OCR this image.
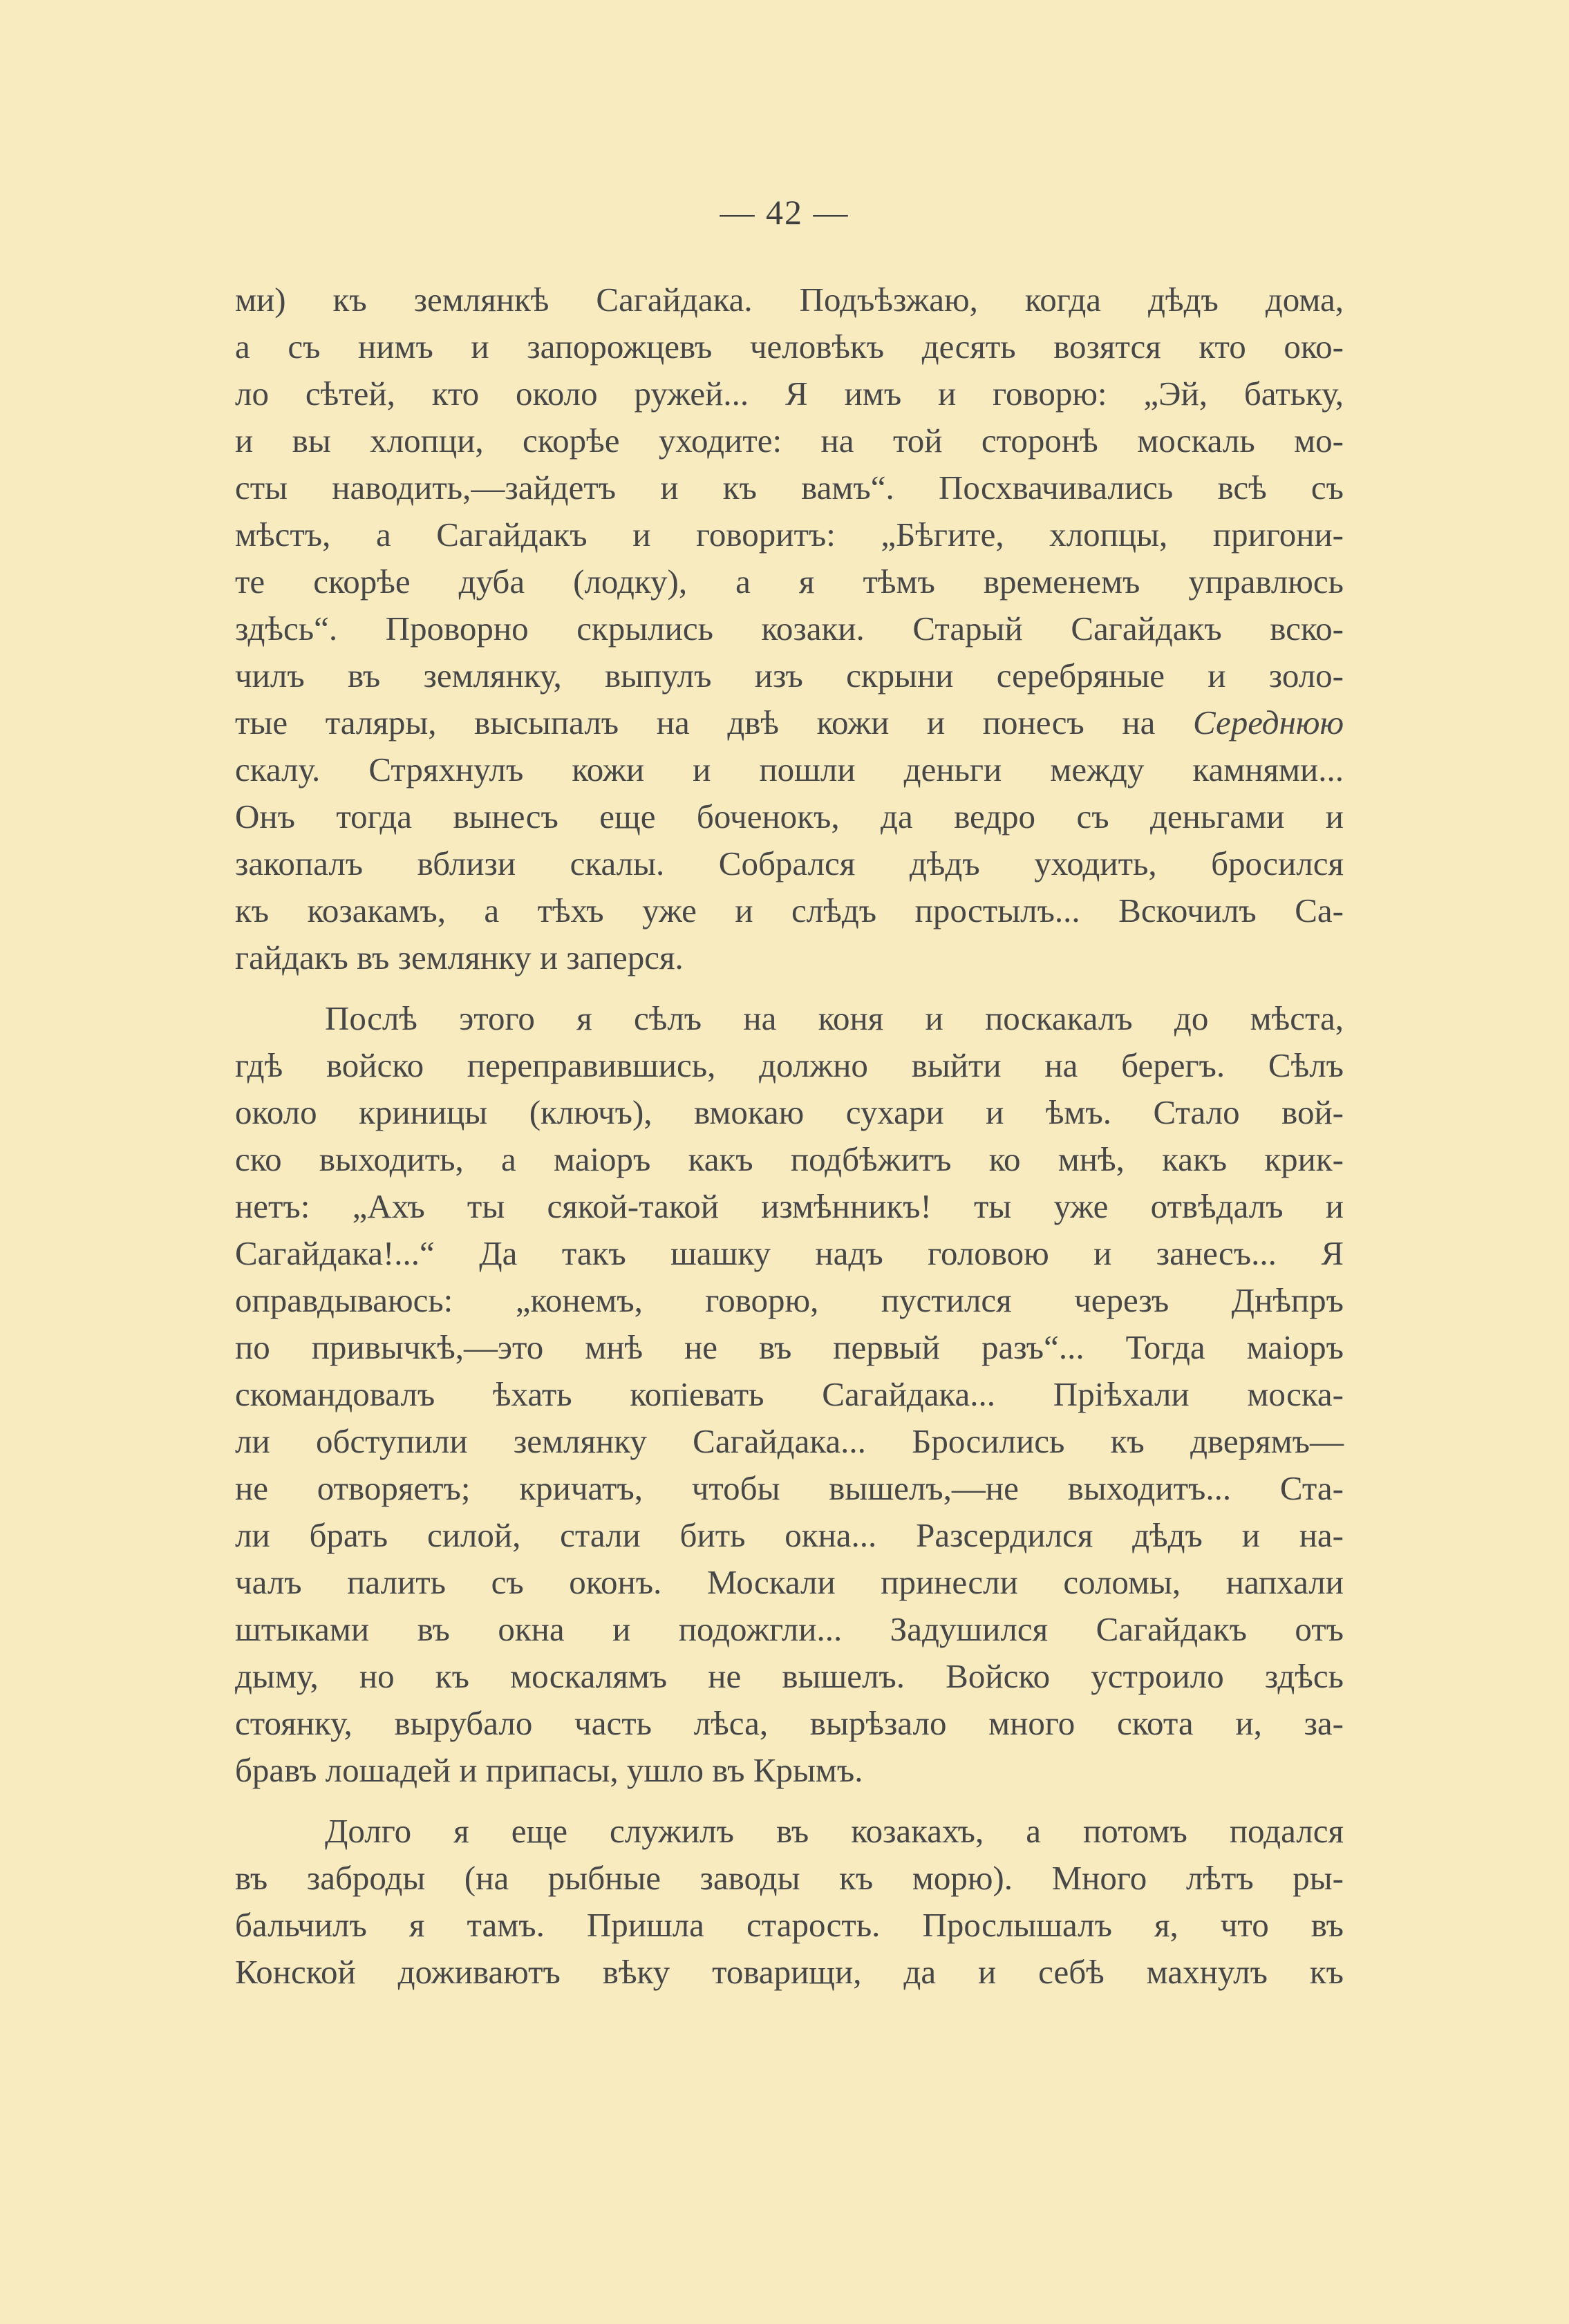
— 42 —
ми) къ землянкѣ Сагайдака. Подъѣзжаю, когда дѣдъ дома,
а съ нимъ и запорожцевъ человѣкъ десять возятся кто око-
ло сѣтей, кто около ружей... Я имъ и говорю: „Эй, батьку,
и вы хлопци, скорѣе уходите: на той сторонѣ москаль мо-
сты наводить,—зайдетъ и къ вамъ“. Посхвачивались всѣ съ
мѣстъ, а Сагайдакъ и говоритъ: „Бѣгите, хлопцы, пригони-
те скорѣе дуба (лодку), а я тѣмъ временемъ управлюсь
здѣсь“. Проворно скрылись козаки. Старый Сагайдакъ вско-
чилъ въ землянку, выпулъ изъ скрыни серебряные и золо-
тые таляры, высыпалъ на двѣ кожи и понесъ на Середнюю
скалу. Стряхнулъ кожи и пошли деньги между камнями...
Онъ тогда вынесъ еще боченокъ, да ведро съ деньгами и
закопалъ вблизи скалы. Собрался дѣдъ уходить, бросился
къ козакамъ, а тѣхъ уже и слѣдъ простылъ... Вскочилъ Са-
гайдакъ въ землянку и заперся.
Послѣ этого я сѣлъ на коня и поскакалъ до мѣста,
гдѣ войско переправившись, должно выйти на берегъ. Сѣлъ
около криницы (ключъ), вмокаю сухари и ѣмъ. Стало вой-
ско выходить, а маіоръ какъ подбѣжитъ ко мнѣ, какъ крик-
нетъ: „Ахъ ты сякой-такой измѣнникъ! ты уже отвѣдалъ и
Сагайдака!...“ Да такъ шашку надъ головою и занесъ... Я
оправдываюсь: „конемъ, говорю, пустился черезъ Днѣпръ
по привычкѣ,—это мнѣ не въ первый разъ“... Тогда маіоръ
скомандовалъ ѣхать копіевать Сагайдака... Пріѣхали моска-
ли обступили землянку Сагайдака... Бросились къ дверямъ—
не отворяетъ; кричатъ, чтобы вышелъ,—не выходитъ... Ста-
ли брать силой, стали бить окна... Разсердился дѣдъ и на-
чалъ палить съ оконъ. Москали принесли соломы, напхали
штыками въ окна и подожгли... Задушился Сагайдакъ отъ
дыму, но къ москалямъ не вышелъ. Войско устроило здѣсь
стоянку, вырубало часть лѣса, вырѣзало много скота и, за-
бравъ лошадей и припасы, ушло въ Крымъ.
Долго я еще служилъ въ козакахъ, а потомъ подался
въ заброды (на рыбные заводы къ морю). Много лѣтъ ры-
бальчилъ я тамъ. Пришла старость. Прослышалъ я, что въ
Конской доживаютъ вѣку товарищи, да и себѣ махнулъ къ
